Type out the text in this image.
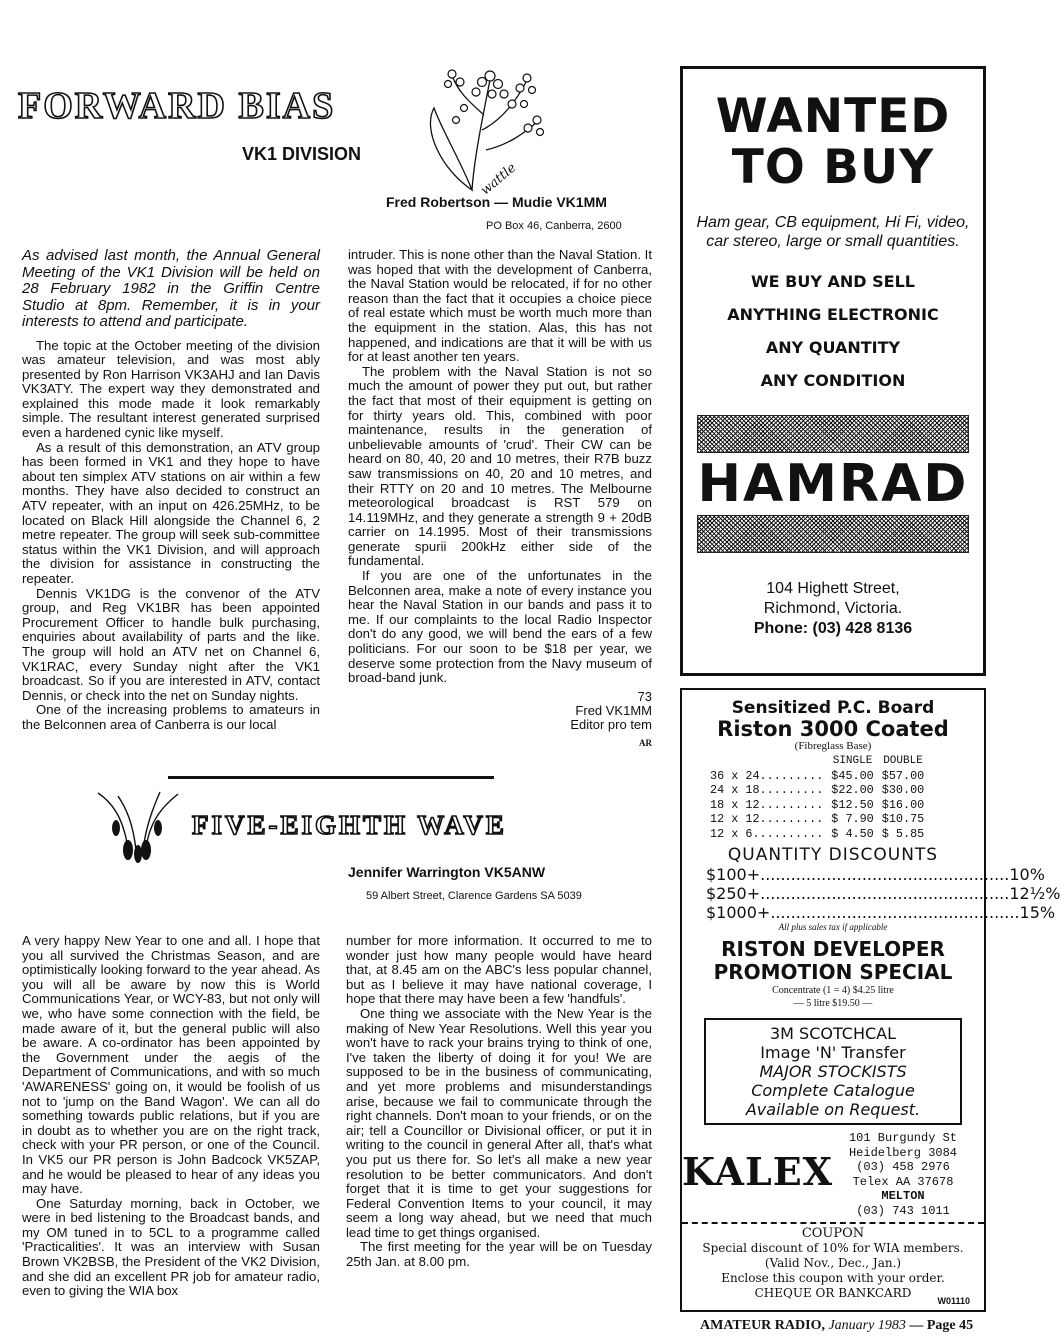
FORWARD BIAS
VK1 DIVISION
wattle
Fred Robertson — Mudie VK1MM
PO Box 46, Canberra, 2600
As advised last month, the Annual General Meeting of the VK1 Division will be held on 28 February 1982 in the Griffin Centre Studio at 8pm. Remember, it is in your interests to attend and participate.

The topic at the October meeting of the division was amateur television, and was most ably presented by Ron Harrison VK3AHJ and Ian Davis VK3ATY. The expert way they demonstrated and explained this mode made it look remarkably simple. The resultant interest generated surprised even a hardened cynic like myself.

As a result of this demonstration, an ATV group has been formed in VK1 and they hope to have about ten simplex ATV stations on air within a few months. They have also decided to construct an ATV repeater, with an input on 426.25MHz, to be located on Black Hill alongside the Channel 6, 2 metre repeater. The group will seek sub-committee status within the VK1 Division, and will approach the division for assistance in constructing the repeater.

Dennis VK1DG is the convenor of the ATV group, and Reg VK1BR has been appointed Procurement Officer to handle bulk purchasing, enquiries about availability of parts and the like. The group will hold an ATV net on Channel 6, VK1RAC, every Sunday night after the VK1 broadcast. So if you are interested in ATV, contact Dennis, or check into the net on Sunday nights.

One of the increasing problems to amateurs in the Belconnen area of Canberra is our local

intruder. This is none other than the Naval Station. It was hoped that with the development of Canberra, the Naval Station would be relocated, if for no other reason than the fact that it occupies a choice piece of real estate which must be worth much more than the equipment in the station. Alas, this has not happened, and indications are that it will be with us for at least another ten years.

The problem with the Naval Station is not so much the amount of power they put out, but rather the fact that most of their equipment is getting on for thirty years old. This, combined with poor maintenance, results in the generation of unbelievable amounts of 'crud'. Their CW can be heard on 80, 40, 20 and 10 metres, their R7B buzz saw transmissions on 40, 20 and 10 metres, and their RTTY on 20 and 10 metres. The Melbourne meteorological broadcast is RST 579 on 14.119MHz, and they generate a strength 9 + 20dB carrier on 14.1995. Most of their transmissions generate spurii 200kHz either side of the fundamental.

If you are one of the unfortunates in the Belconnen area, make a note of every instance you hear the Naval Station in our bands and pass it to me. If our complaints to the local Radio Inspector don't do any good, we will bend the ears of a few politicians. For our soon to be $18 per year, we deserve some protection from the Navy museum of broad-band junk.

73
Fred VK1MM
Editor pro tem
AR
FIVE-EIGHTH WAVE
Jennifer Warrington VK5ANW
59 Albert Street, Clarence Gardens SA 5039

A very happy New Year to one and all. I hope that you all survived the Christmas Season, and are optimistically looking forward to the year ahead. As you will all be aware by now this is World Communications Year, or WCY-83, but not only will we, who have some connection with the field, be made aware of it, but the general public will also be aware. A co-ordinator has been appointed by the Government under the aegis of the Department of Communications, and with so much 'AWARENESS' going on, it would be foolish of us not to 'jump on the Band Wagon'. We can all do something towards public relations, but if you are in doubt as to whether you are on the right track, check with your PR person, or one of the Council. In VK5 our PR person is John Badcock VK5ZAP, and he would be pleased to hear of any ideas you may have.

One Saturday morning, back in October, we were in bed listening to the Broadcast bands, and my OM tuned in to 5CL to a programme called 'Practicalities'. It was an interview with Susan Brown VK2BSB, the President of the VK2 Division, and she did an excellent PR job for amateur radio, even to giving the WIA box

number for more information. It occurred to me to wonder just how many people would have heard that, at 8.45 am on the ABC's less popular channel, but as I believe it may have national coverage, I hope that there may have been a few 'handfuls'.

One thing we associate with the New Year is the making of New Year Resolutions. Well this year you won't have to rack your brains trying to think of one, I've taken the liberty of doing it for you! We are supposed to be in the business of communicating, and yet more problems and misunderstandings arise, because we fail to communicate through the right channels. Don't moan to your friends, or on the air; tell a Councillor or Divisional officer, or put it in writing to the council in general After all, that's what you put us there for. So let's all make a new year resolution to be better communicators. And don't forget that it is time to get your suggestions for Federal Convention Items to your council, it may seem a long way ahead, but we need that much lead time to get things organised.

The first meeting for the year will be on Tuesday 25th Jan. at 8.00 pm.

WANTED
TO BUY
Ham gear, CB equipment, Hi Fi, video, car stereo, large or small quantities.
WE BUY AND SELL
ANYTHING ELECTRONIC
ANY QUANTITY
ANY CONDITION
HAMRAD
104 Highett Street,
Richmond, Victoria.
Phone: (03) 428 8136
Sensitized P.C. Board
Riston 3000 Coated
(Fibreglass Base)
	SINGLE	DOUBLE
36 x 24.........	$45.00	$57.00
24 x 18.........	$22.00	$30.00
18 x 12.........	$12.50	$16.00
12 x 12.........	$ 7.90	$10.75
12 x 6..........	$ 4.50	$ 5.85
QUANTITY DISCOUNTS
$100+ ................................................. 10%
$250+ ................................................. 12½%
$1000+ ................................................. 15%
All plus sales tax if applicable
RISTON DEVELOPER
PROMOTION SPECIAL
Concentrate (1 = 4) $4.25 litre
— 5 litre $19.50 —
3M SCOTCHCAL
Image 'N' Transfer
MAJOR STOCKISTS
Complete Catalogue
Available on Request.
KALEX
101 Burgundy St
Heidelberg 3084
(03) 458 2976
Telex AA 37678
MELTON
(03) 743 1011
COUPON
Special discount of 10% for WIA members.
(Valid Nov., Dec., Jan.)
Enclose this coupon with your order.
CHEQUE OR BANKCARD
W01110
AMATEUR RADIO, January 1983 — Page 45
